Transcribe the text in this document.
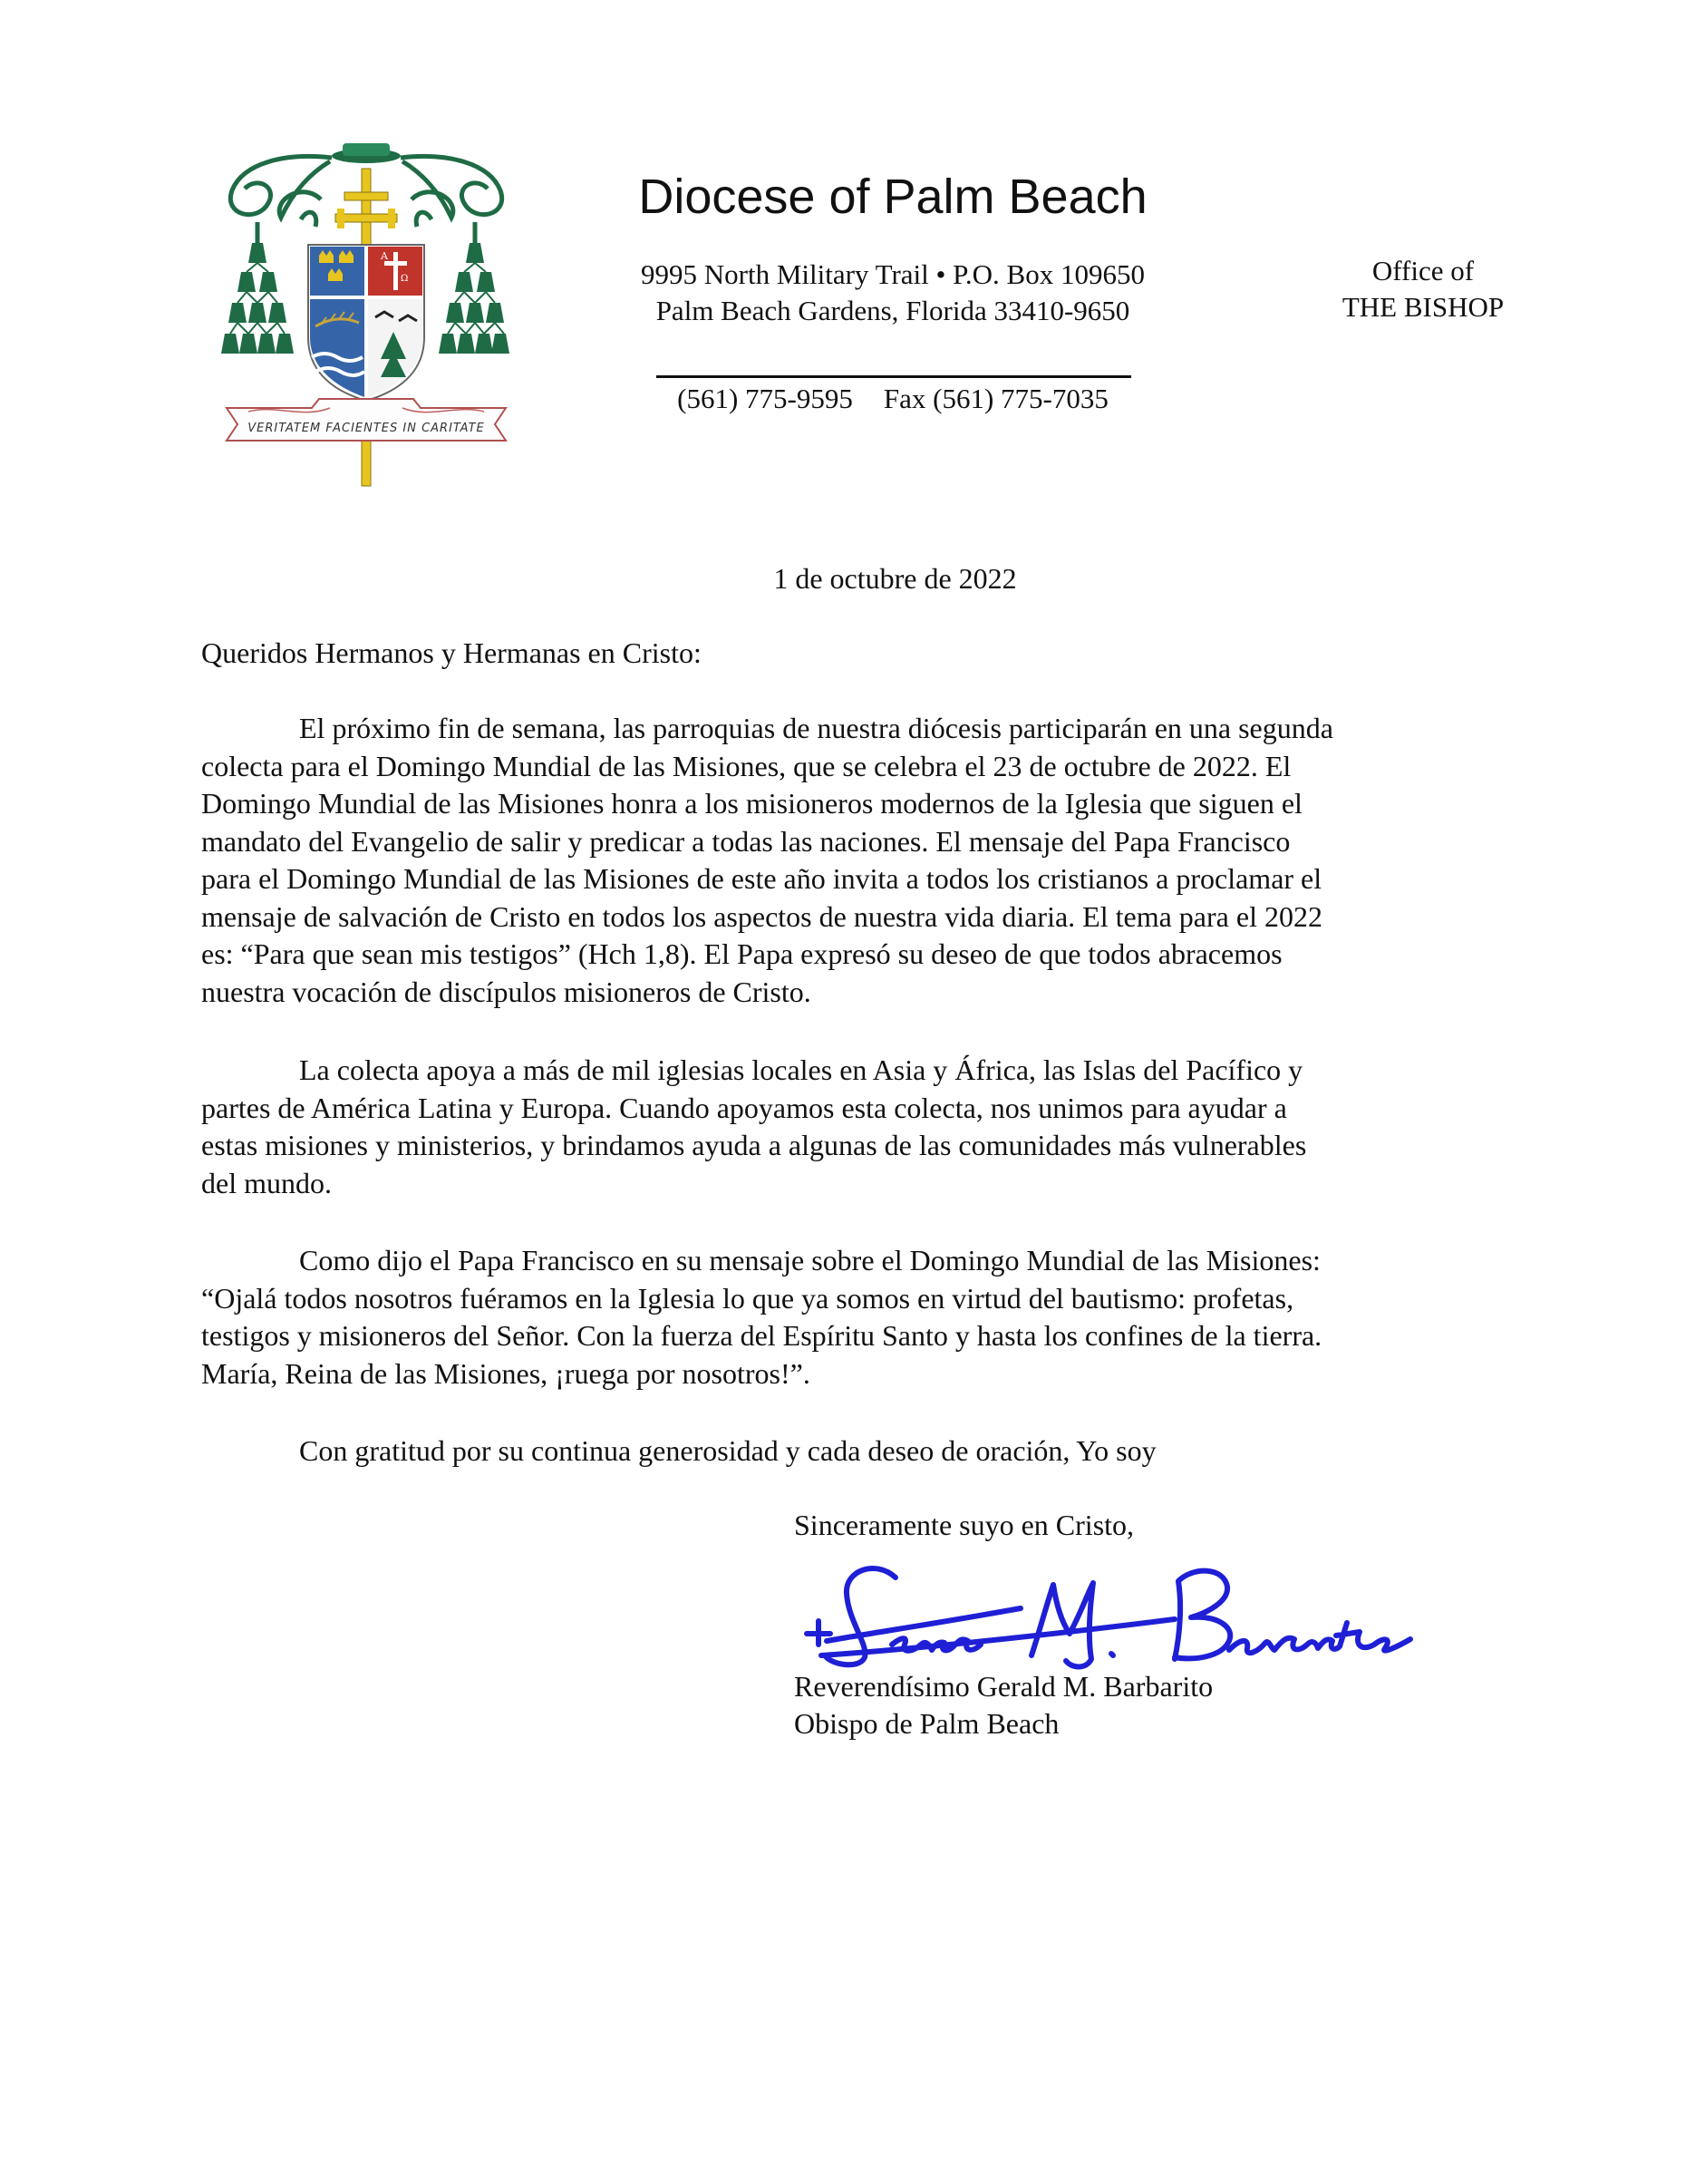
A
Ω
VERITATEM FACIENTES IN CARITATE
Diocese of Palm Beach
9995 North Military Trail • P.O. Box 109650
Palm Beach Gardens, Florida 33410-9650
Office of
THE BISHOP
(561) 775-9595 Fax (561) 775-7035
1 de octubre de 2022
Queridos Hermanos y Hermanas en Cristo:

El próximo fin de semana, las parroquias de nuestra diócesis participarán en una segunda
colecta para el Domingo Mundial de las Misiones, que se celebra el 23 de octubre de 2022. El
Domingo Mundial de las Misiones honra a los misioneros modernos de la Iglesia que siguen el
mandato del Evangelio de salir y predicar a todas las naciones. El mensaje del Papa Francisco
para el Domingo Mundial de las Misiones de este año invita a todos los cristianos a proclamar el
mensaje de salvación de Cristo en todos los aspectos de nuestra vida diaria. El tema para el 2022
es: “Para que sean mis testigos” (Hch 1,8). El Papa expresó su deseo de que todos abracemos
nuestra vocación de discípulos misioneros de Cristo.

La colecta apoya a más de mil iglesias locales en Asia y África, las Islas del Pacífico y
partes de América Latina y Europa. Cuando apoyamos esta colecta, nos unimos para ayudar a
estas misiones y ministerios, y brindamos ayuda a algunas de las comunidades más vulnerables
del mundo.

Como dijo el Papa Francisco en su mensaje sobre el Domingo Mundial de las Misiones:
“Ojalá todos nosotros fuéramos en la Iglesia lo que ya somos en virtud del bautismo: profetas,
testigos y misioneros del Señor. Con la fuerza del Espíritu Santo y hasta los confines de la tierra.
María, Reina de las Misiones, ¡ruega por nosotros!”.

Con gratitud por su continua generosidad y cada deseo de oración, Yo soy

Sinceramente suyo en Cristo,
Reverendísimo Gerald M. Barbarito
Obispo de Palm Beach
